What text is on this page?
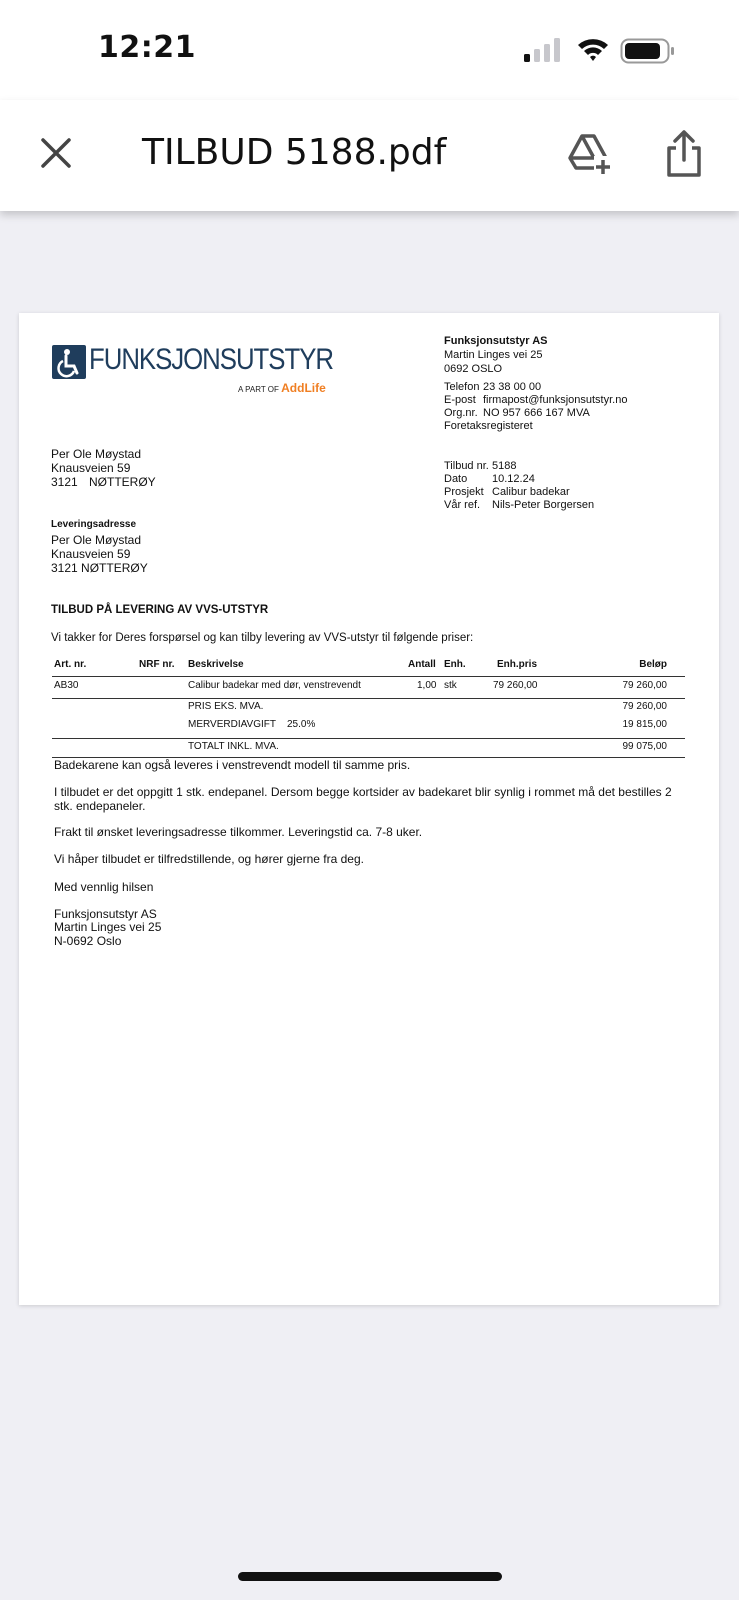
12:21
TILBUD 5188.pdf
FUNKSJONSUTSTYR
A PART OF AddLife
Funksjonsutstyr AS
Martin Linges vei 25
0692 OSLO
Telefon 23 38 00 00
E-post firmapost@funksjonsutstyr.no
Org.nr. NO 957 666 167 MVA
Foretaksregisteret
Per Ole Møystad
Knausveien 59
3121 NØTTERØY
Tilbud nr. 5188
Dato 10.12.24
Prosjekt Calibur badekar
Vår ref. Nils-Peter Borgersen
Leveringsadresse
Per Ole Møystad
Knausveien 59
3121 NØTTERØY
TILBUD PÅ LEVERING AV VVS-UTSTYR
Vi takker for Deres forspørsel og kan tilby levering av VVS-utstyr til følgende priser:
Art. nr.	NRF nr. Beskrivelse	Antall Enh.	Enh.pris	Beløp
AB30	Calibur badekar med dør, venstrevendt	1,00 stk	79 260,00	79 260,00
PRIS EKS. MVA.	79 260,00
MERVERDIAVGIFT 25.0%	19 815,00
TOTALT INKL. MVA.	99 075,00
Badekarene kan også leveres i venstrevendt modell til samme pris.
I tilbudet er det oppgitt 1 stk. endepanel. Dersom begge kortsider av badekaret blir synlig i rommet må det bestilles 2
stk. endepaneler.
Frakt til ønsket leveringsadresse tilkommer. Leveringstid ca. 7-8 uker.
Vi håper tilbudet er tilfredstillende, og hører gjerne fra deg.
Med vennlig hilsen
Funksjonsutstyr AS
Martin Linges vei 25
N-0692 Oslo
